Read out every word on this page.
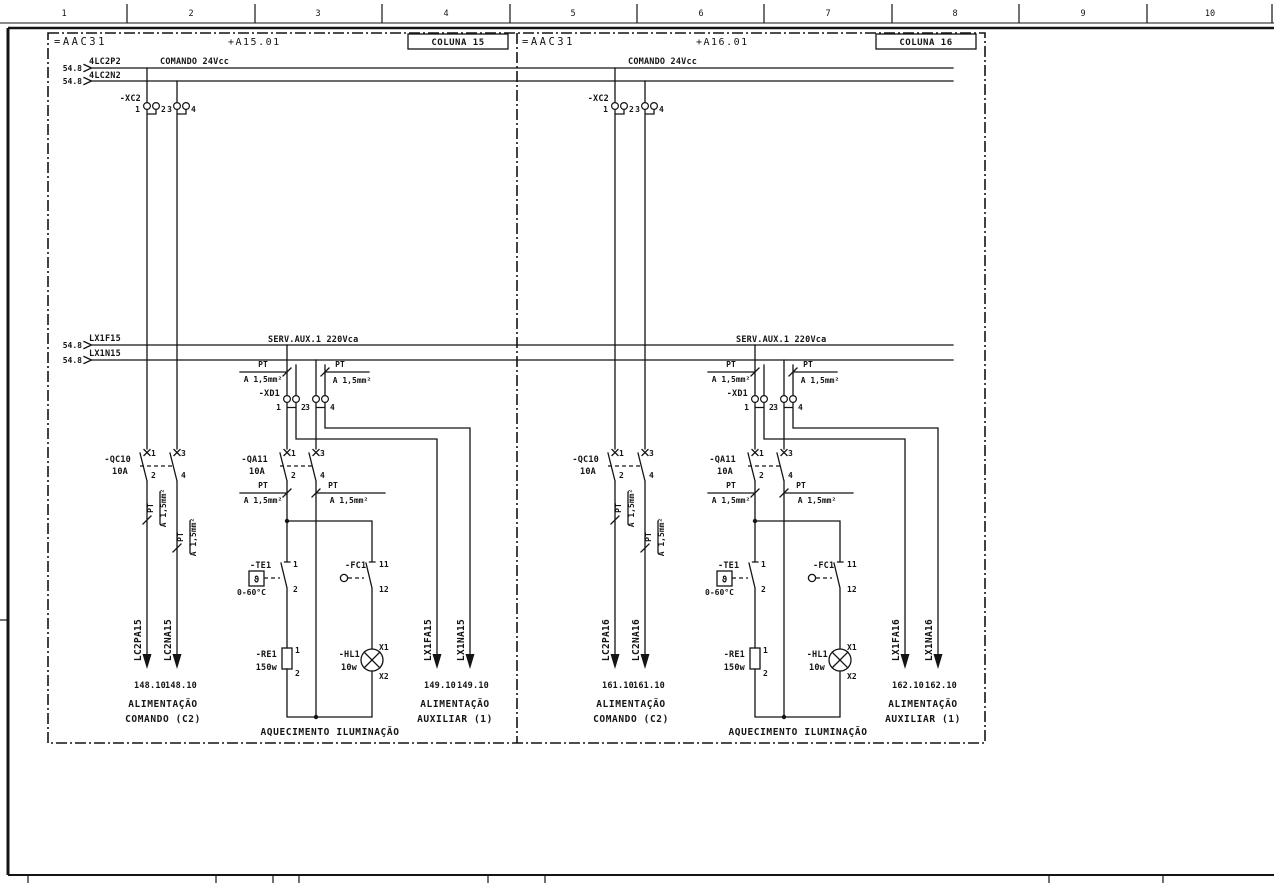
1	2	3	4	5	6	7	8	9	10
54.8
4LC2P2
54.8
4LC2N2
54.8
LX1F15
54.8
LX1N15
=AAC31	+A15.01	COLUNA 15
COMANDO 24Vcc
SERV.AUX.1 220Vca
-XC2
1	2 3 4
-QC10
10A
1
2
3
4
-XD1
1	2 3	4
-QA11
10A
1
2
3
4
PT
A 1,5mm²
PT
A 1,5mm²
PT
A 1,5mm²
PT
A 1,5mm²
PT A 1,5mm²
PT A 1,5mm²
-TE1
0-60°C
ϑ
1
2
-FC1 11
12
-RE1
150w
1
2
-HL1
10w
X1
X2
LC2PA15 LC2NA15
148.10 148.10
ALIMENTAÇÃO
COMANDO (C2)
LX1FA15 LX1NA15
149.10 149.10
ALIMENTAÇÃO
AUXILIAR (1)
AQUECIMENTO ILUMINAÇÃO
=AAC31	+A16.01	COLUNA 16
COMANDO 24Vcc
SERV.AUX.1 220Vca
-XC2
1	2 3 4
-QC10
10A
1
2
3
4
-XD1
1	2 3	4
-QA11
10A
1
2
3
4
PT
A 1,5mm²
PT
A 1,5mm²
PT
A 1,5mm²
PT
A 1,5mm²
PT A 1,5mm²
PT A 1,5mm²
-TE1
0-60°C
ϑ
1
2
-FC1 11
12
-RE1
150w
1
2
-HL1
10w
X1
X2
LC2PA16 LC2NA16
161.10 161.10
ALIMENTAÇÃO
COMANDO (C2)
LX1FA16 LX1NA16
162.10 162.10
ALIMENTAÇÃO
AUXILIAR (1)
AQUECIMENTO ILUMINAÇÃO
